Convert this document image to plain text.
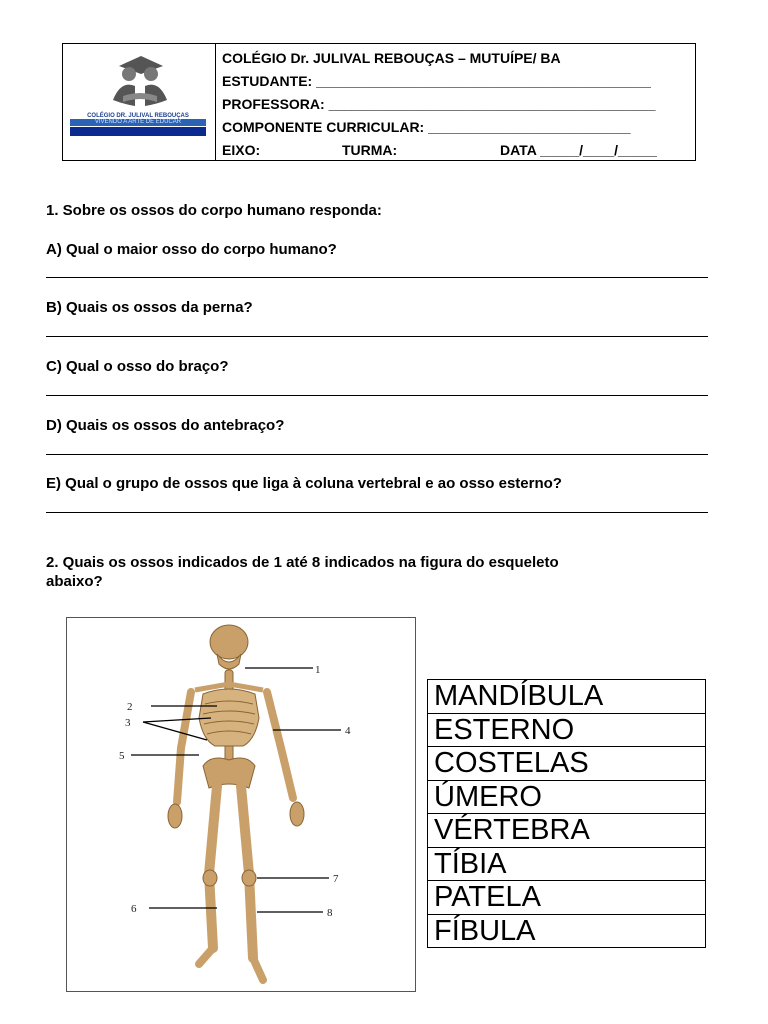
COLÉGIO DR. JULIVAL REBOUÇAS
VIVENDO A ARTE DE EDUCAR
COLÉGIO Dr. JULIVAL REBOUÇAS – MUTUÍPE/ BA
ESTUDANTE: ___________________________________________
PROFESSORA: __________________________________________
COMPONENTE CURRICULAR: __________________________
EIXO:	TURMA:	DATA _____/____/_____
1. Sobre os ossos do corpo humano responda:
A) Qual o maior osso do corpo humano?
B) Quais os ossos da perna?
C) Qual o osso do braço?
D) Quais os ossos do antebraço?
E) Qual o grupo de ossos que liga à coluna vertebral e ao osso esterno?
2. Quais os ossos indicados de 1 até 8 indicados na figura do esqueleto
abaixo?
1
2
3
4
5
6
7
8
MANDÍBULA
ESTERNO
COSTELAS
ÚMERO
VÉRTEBRA
TÍBIA
PATELA
FÍBULA
